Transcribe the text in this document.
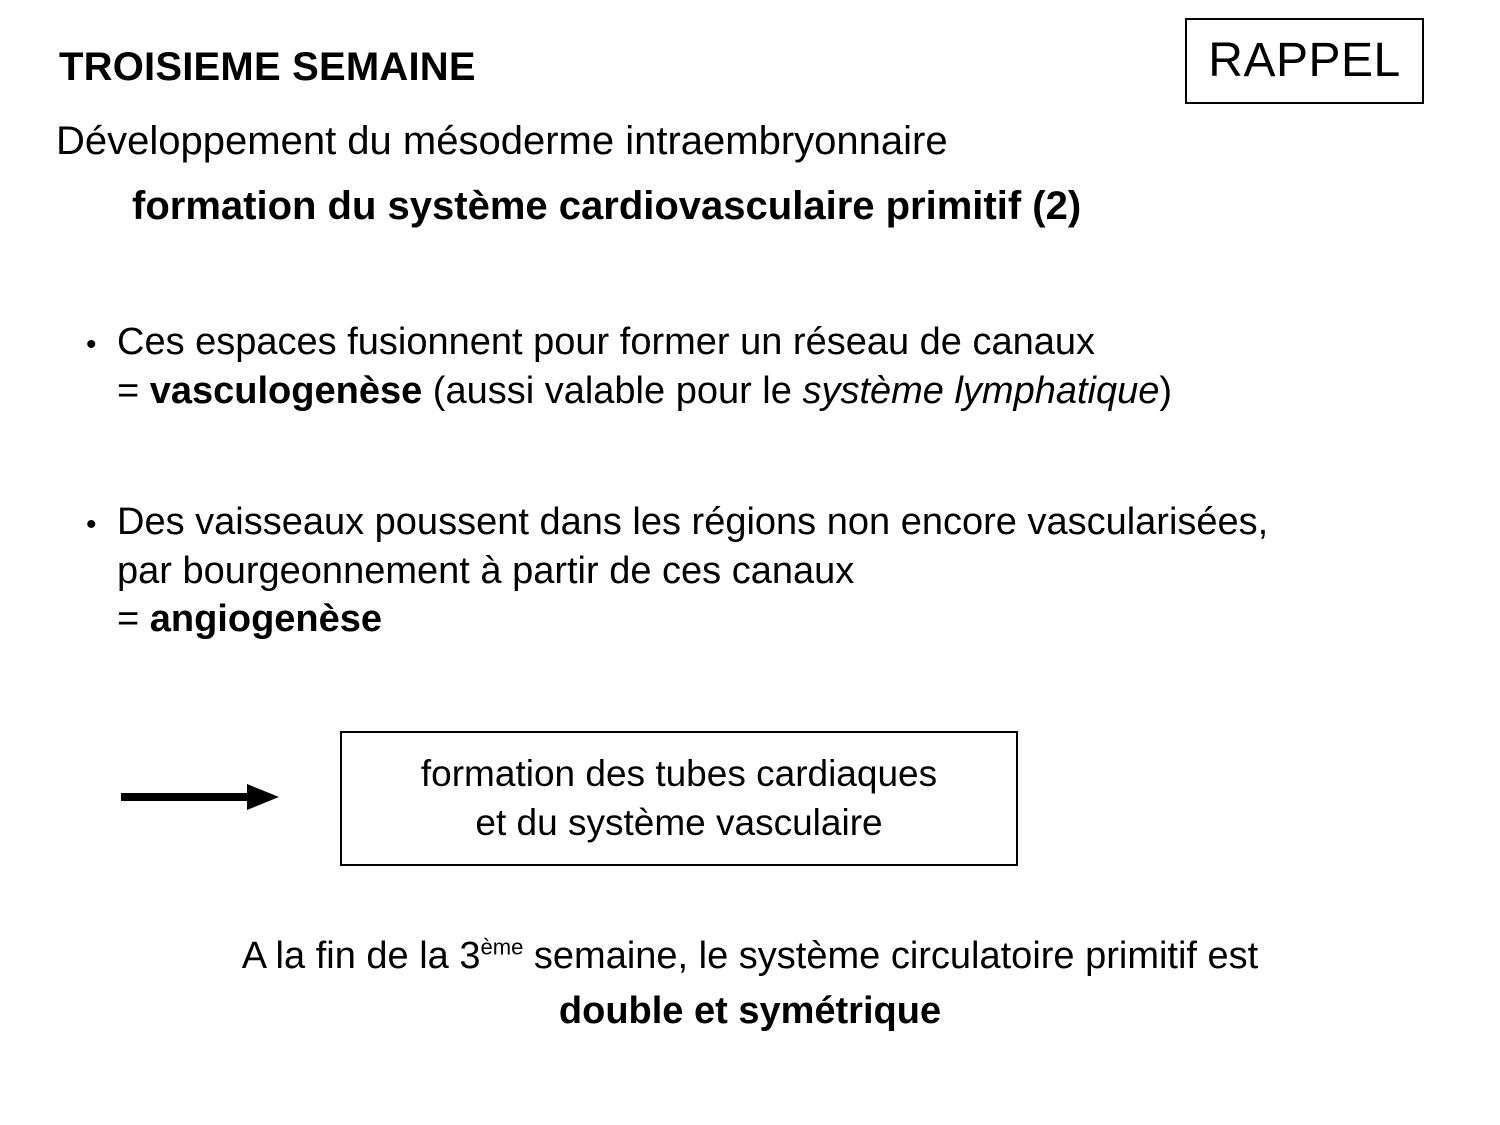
TROISIEME SEMAINE
Développement du mésoderme intraembryonnaire
formation du système cardiovasculaire primitif (2)
RAPPEL
• Ces espaces fusionnent pour former un réseau de canaux
= vasculogenèse (aussi valable pour le système lymphatique)
• Des vaisseaux poussent dans les régions non encore vascularisées,
par bourgeonnement à partir de ces canaux
= angiogenèse
formation des tubes cardiaques
et du système vasculaire
A la fin de la 3ème semaine, le système circulatoire primitif est
double et symétrique
